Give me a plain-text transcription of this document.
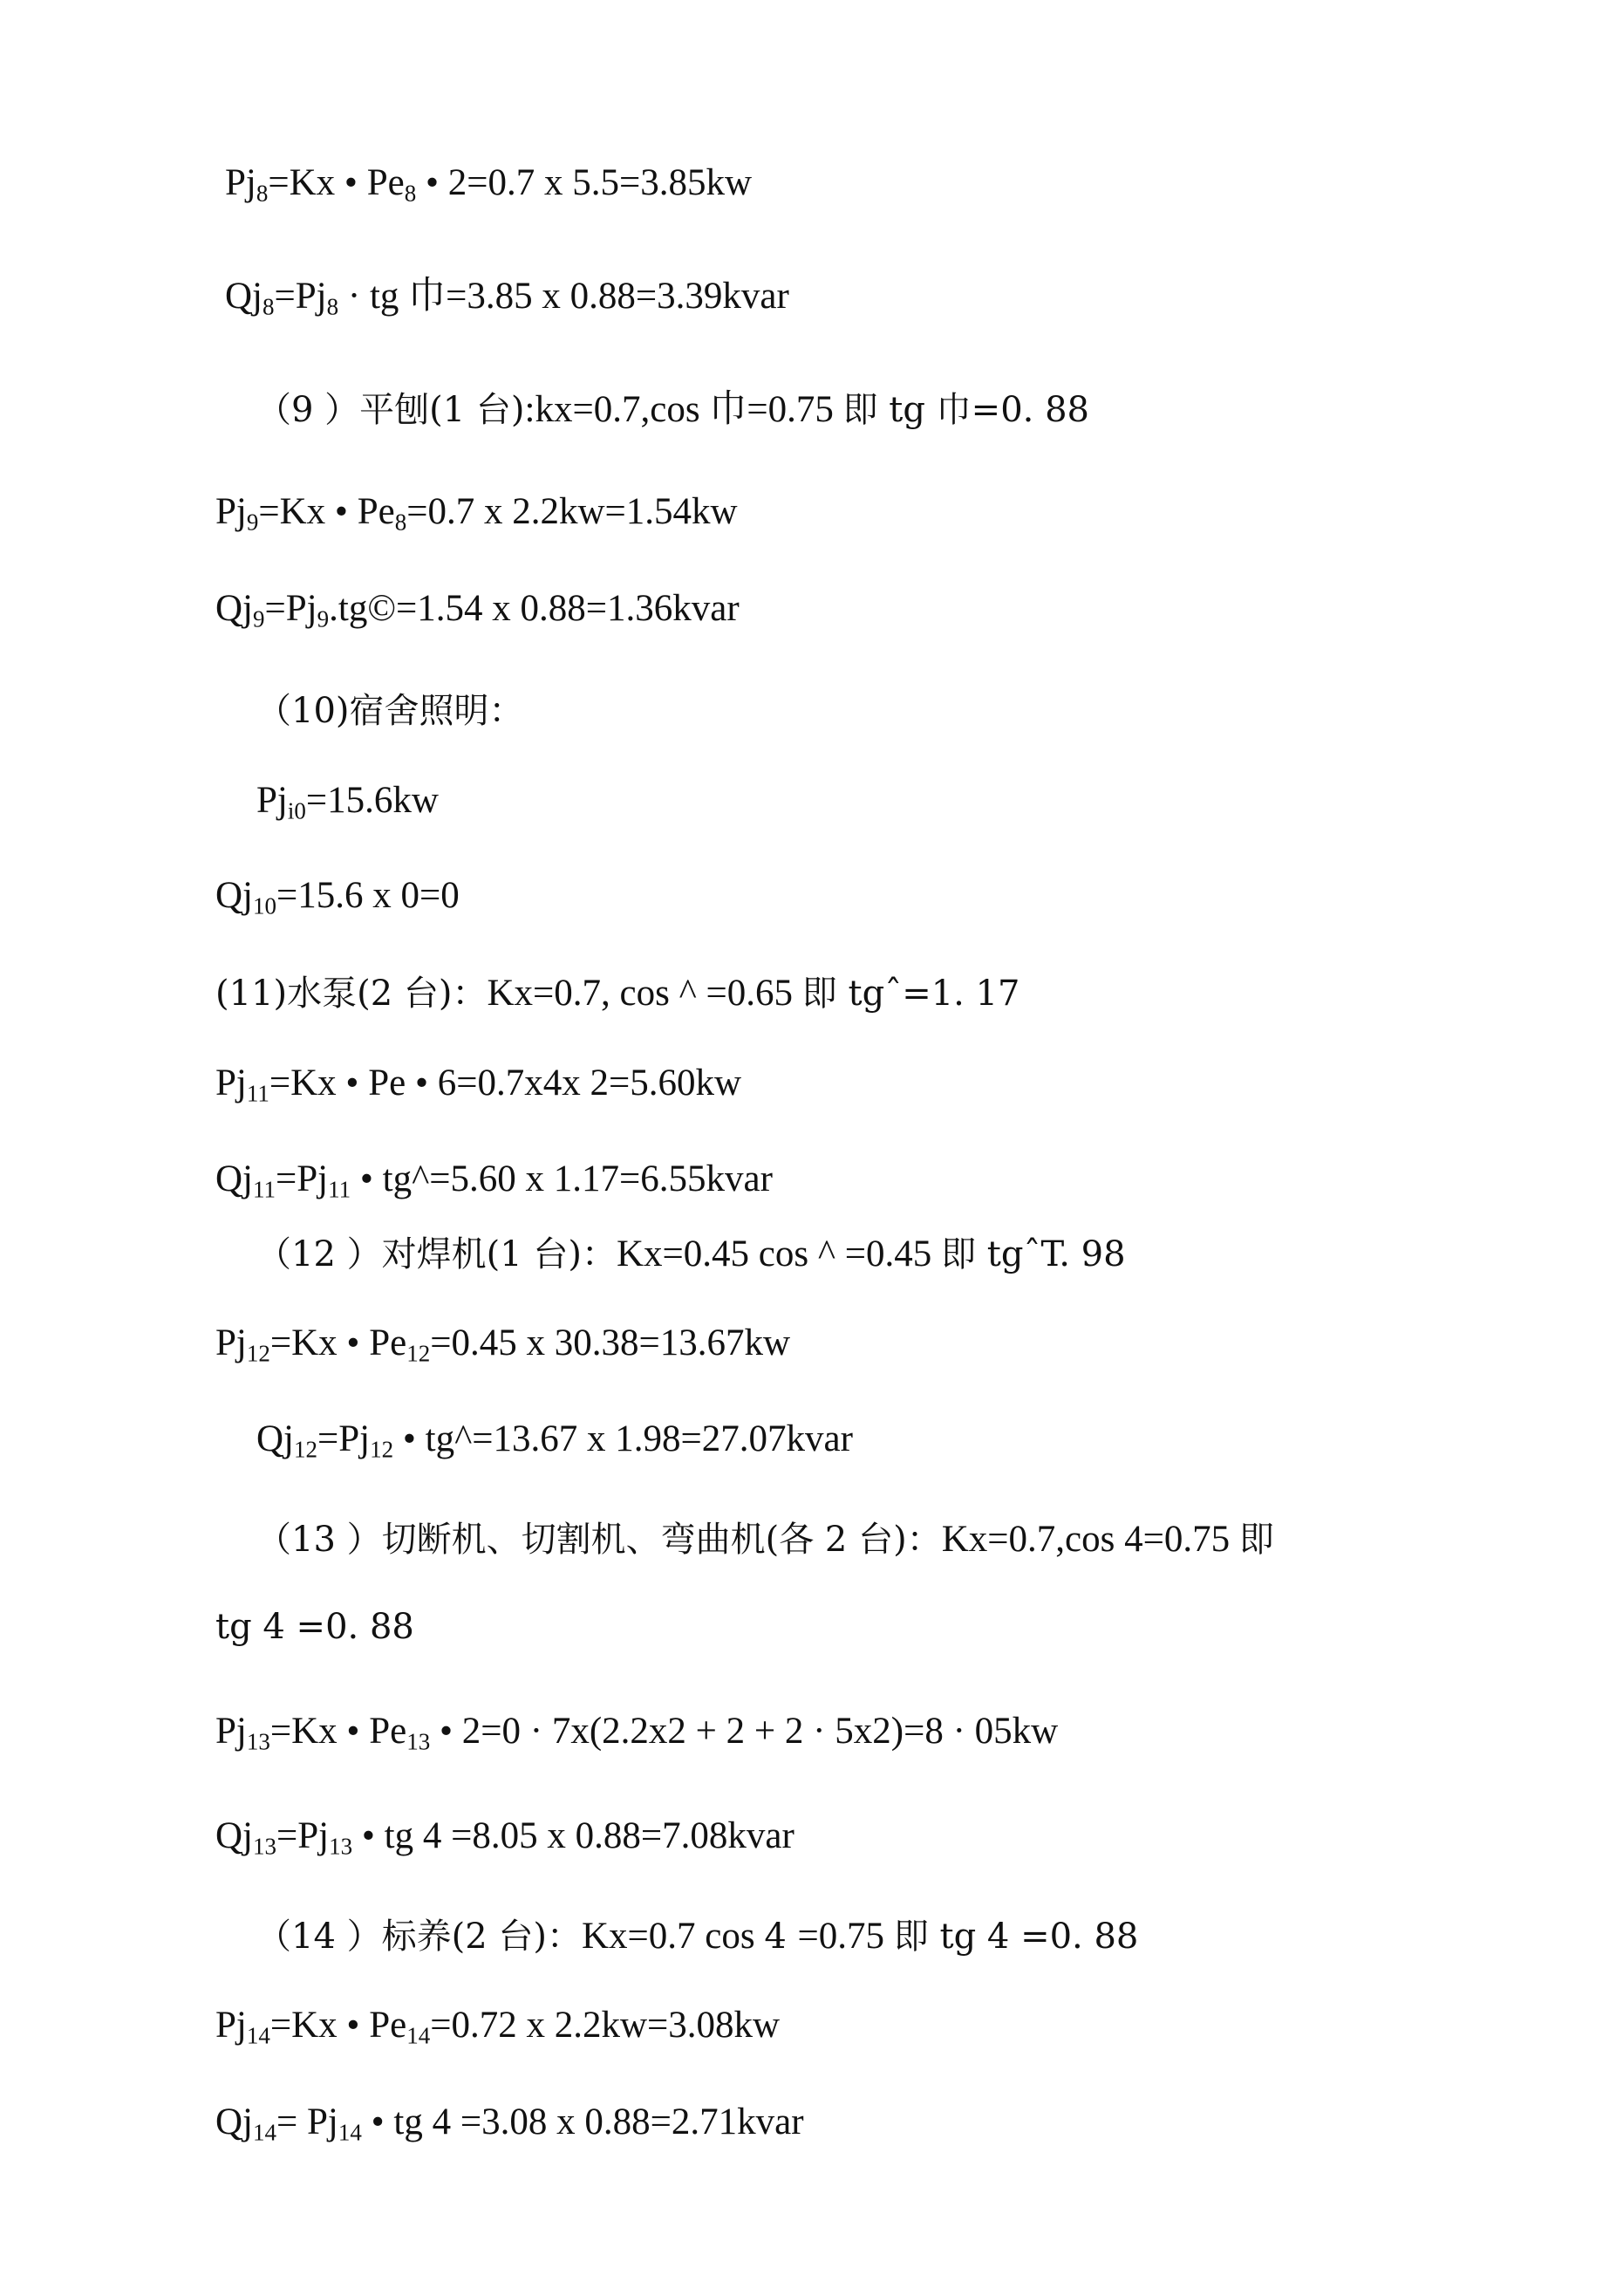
$Pj_8=Kx$ • $Pe_8$ • 2=0.7 x 5.5=3.85kw
$Qj_8=Pj_8$ · tg 巾=3.85 x 0.88=3.39kvar
（9 ）平刨(1 台):kx=0.7,cos 巾=0.75 即 tg 巾=0. 88
$Pj_9=Kx$ • $Pe_8=0.7$ x 2.2kw=1.54kw
$Qj_9=Pj_9.tg©=1.54$ x 0.88=1.36kvar
（10)宿舍照明：
$Pj_{i0}=15.6kw$
$Qj_{10}=15.6$ x 0=0
(11)水泵(2 台)：Kx=0.7, cos ^ =0.65 即 tgˆ=1. 17
$Pj_{11}=Kx$ • Pe • 6=0.7x4x 2=5.60kw
$Qj_{11}=Pj_{11}$ • tg^=5.60 x 1.17=6.55kvar
（12 ）对焊机(1 台)：Kx=0.45 cos ^ =0.45 即 tgˆT. 98
$Pj_{12}=Kx$ • $Pe_{12}=0.45$ x 30.38=13.67kw
$Qj_{12}=Pj_{12}$ • tg^=13.67 x 1.98=27.07kvar
（13 ）切断机、切割机、弯曲机(各 2 台)：Kx=0.7,cos 4=0.75 即
tg 4 =0. 88
$Pj_{13}=Kx$ • $Pe_{13}$ • 2=0 · 7x(2.2x2 + 2 + 2 · 5x2)=8 · 05kw
$Qj_{13}=Pj_{13}$ • tg 4 =8.05 x 0.88=7.08kvar
（14 ）标养(2 台)：Kx=0.7 cos 4 =0.75 即 tg 4 =0. 88
$Pj_{14}=Kx$ • $Pe_{14}=0.72$ x 2.2kw=3.08kw
$Qj_{14}= Pj_{14}$ • tg 4 =3.08 x 0.88=2.71kvar
